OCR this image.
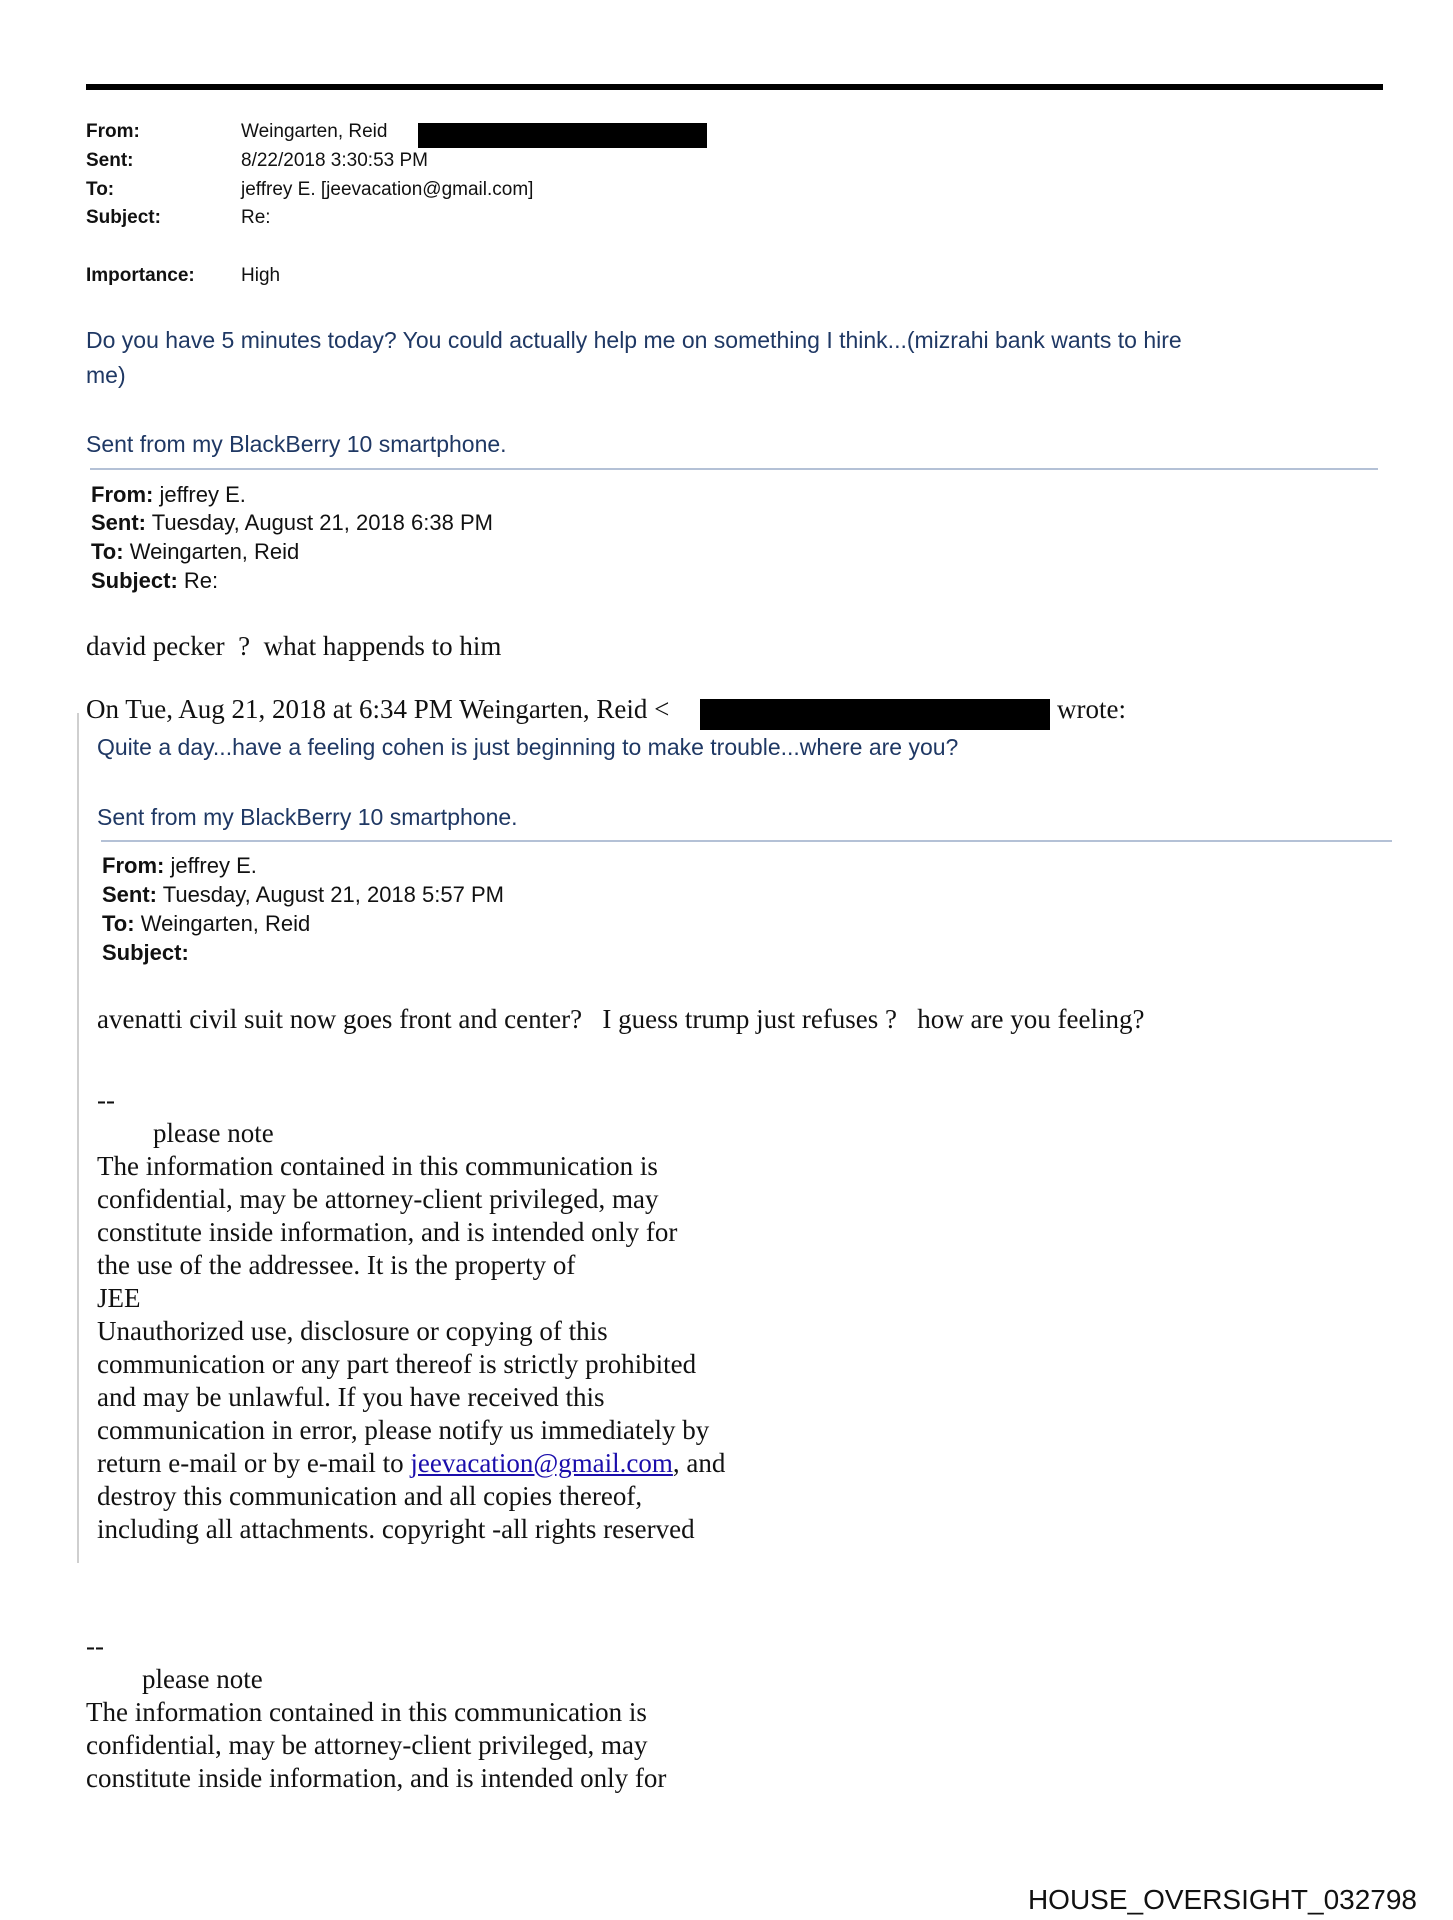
From:	Weingarten, Reid
Sent:	8/22/2018 3:30:53 PM
To:	jeffrey E. [jeevacation@gmail.com]
Subject:	Re:
Importance: High
Do you have 5 minutes today? You could actually help me on something I think...(mizrahi bank wants to hire
me)
Sent from my BlackBerry 10 smartphone.
From: jeffrey E.
Sent: Tuesday, August 21, 2018 6:38 PM
To: Weingarten, Reid
Subject: Re:
david pecker  ?  what happends to him
On Tue, Aug 21, 2018 at 6:34 PM Weingarten, Reid <	wrote:
Quite a day...have a feeling cohen is just beginning to make trouble...where are you?
Sent from my BlackBerry 10 smartphone.
From: jeffrey E.
Sent: Tuesday, August 21, 2018 5:57 PM
To: Weingarten, Reid
Subject:
avenatti civil suit now goes front and center?   I guess trump just refuses ?   how are you feeling?
--
please note
The information contained in this communication is
confidential, may be attorney-client privileged, may
constitute inside information, and is intended only for
the use of the addressee. It is the property of
JEE
Unauthorized use, disclosure or copying of this
communication or any part thereof is strictly prohibited
and may be unlawful. If you have received this
communication in error, please notify us immediately by
return e-mail or by e-mail to jeevacation@gmail.com, and
destroy this communication and all copies thereof,
including all attachments. copyright -all rights reserved
--
please note
The information contained in this communication is
confidential, may be attorney-client privileged, may
constitute inside information, and is intended only for
HOUSE_OVERSIGHT_032798
